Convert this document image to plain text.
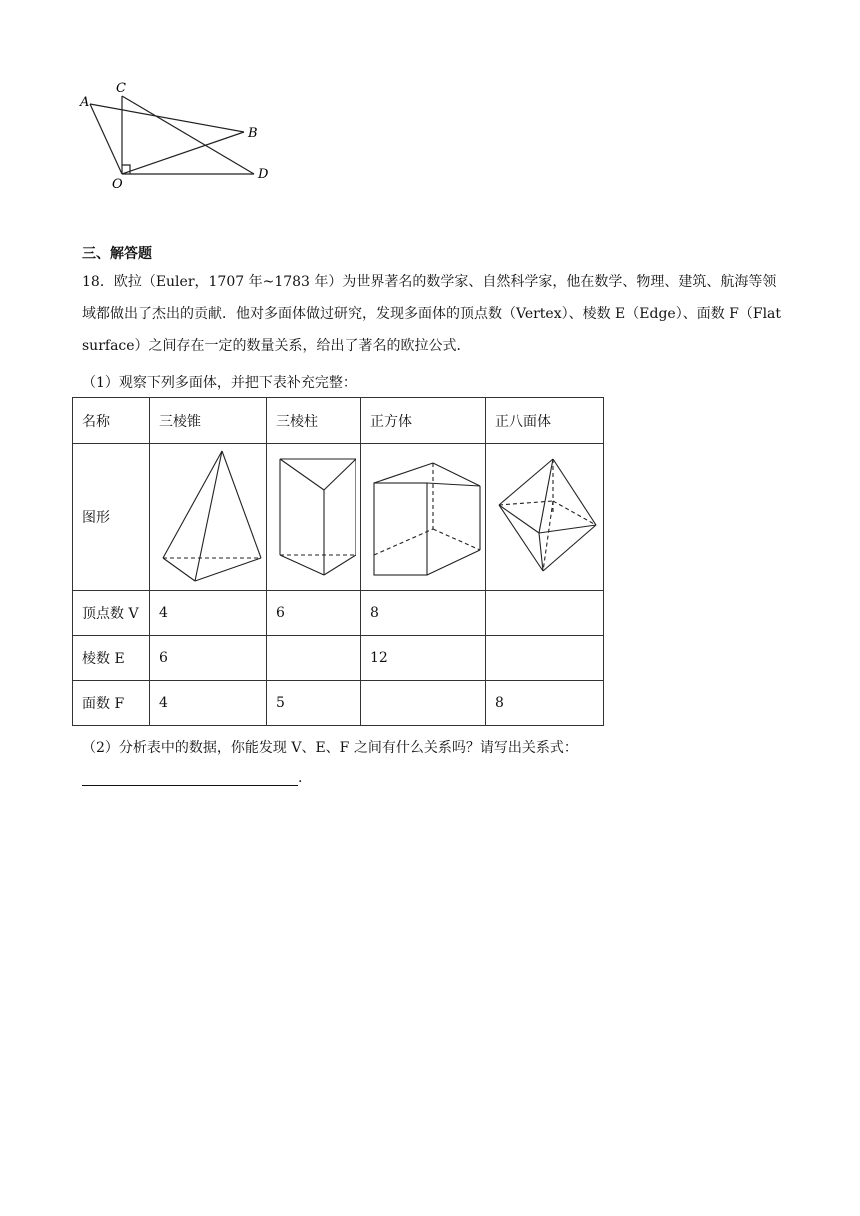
A
B
C
D
O
三、解答题
18．欧拉（Euler，1707 年~1783 年）为世界著名的数学家、自然科学家，他在数学、物理、建筑、航海等领域都做出了杰出的贡献．他对多面体做过研究，发现多面体的顶点数（Vertex）、棱数 E（Edge）、面数 F（Flat surface）之间存在一定的数量关系，给出了著名的欧拉公式．
（1）观察下列多面体，并把下表补充完整：
名称	三棱锥	三棱柱	正方体	正八面体
图形				
顶点数 V	4	6	8	
棱数 E	6		12	
面数 F	4	5		8
（2）分析表中的数据，你能发现 V、E、F 之间有什么关系吗？请写出关系式：
.
